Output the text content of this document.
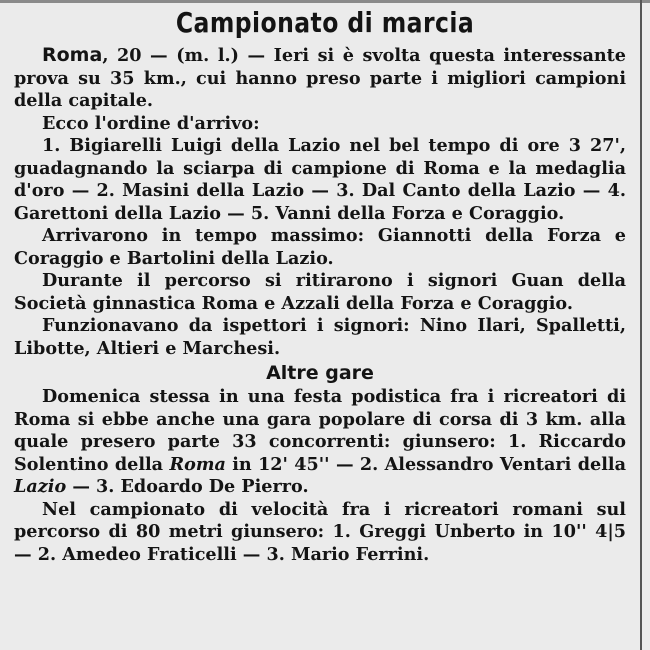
Campionato di marcia

Roma, 20 — (m. l.) — Ieri si è svolta questa interessante prova su 35 km., cui hanno preso parte i migliori campioni della capitale.

Ecco l'ordine d'arrivo:

1. Bigiarelli Luigi della Lazio nel bel tempo di ore 3 27', guadagnando la sciarpa di campione di Roma e la medaglia d'oro — 2. Masini della Lazio — 3. Dal Canto della Lazio — 4. Garettoni della Lazio — 5. Vanni della Forza e Coraggio.

Arrivarono in tempo massimo: Giannotti della Forza e Coraggio e Bartolini della Lazio.

Durante il percorso si ritirarono i signori Guan della Società ginnastica Roma e Azzali della Forza e Coraggio.

Funzionavano da ispettori i signori: Nino Ilari, Spalletti, Libotte, Altieri e Marchesi.

Altre gare

Domenica stessa in una festa podistica fra i ricreatori di Roma si ebbe anche una gara popolare di corsa di 3 km. alla quale presero parte 33 concorrenti: giunsero: 1. Riccardo Solentino della Roma in 12' 45'' — 2. Alessandro Ventari della Lazio — 3. Edoardo De Pierro.

Nel campionato di velocità fra i ricreatori romani sul percorso di 80 metri giunsero: 1. Greggi Unberto in 10'' 4|5 — 2. Amedeo Fraticelli — 3. Mario Ferrini.
